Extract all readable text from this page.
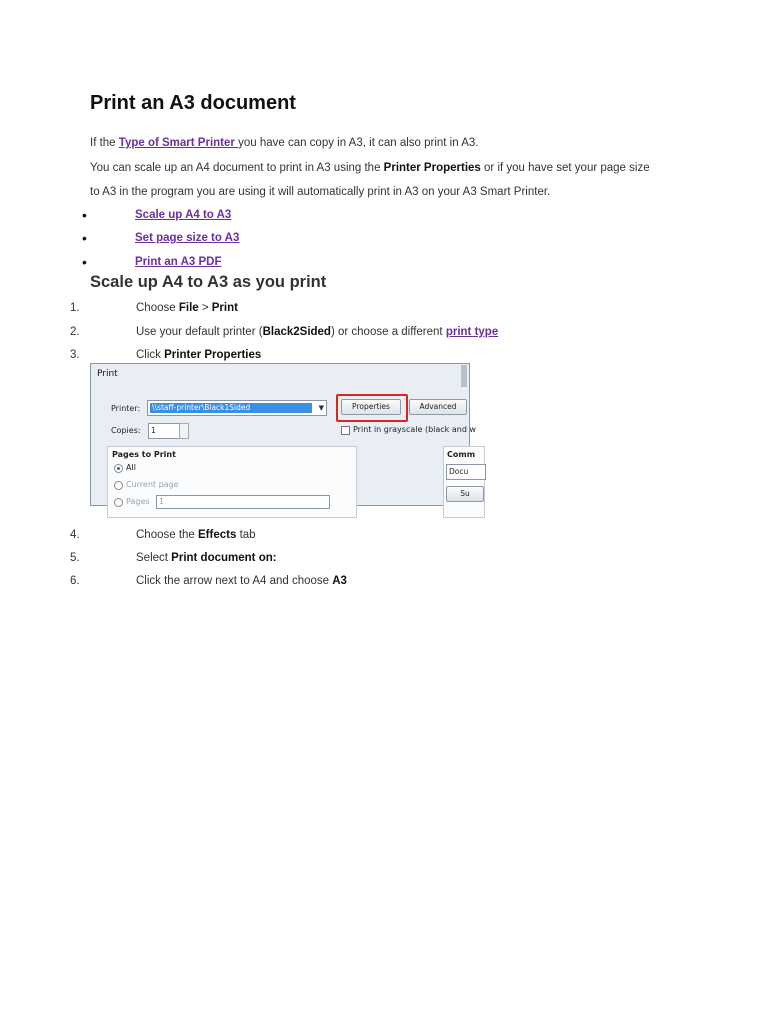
Print an A3 document
If the Type of Smart Printer you have can copy in A3, it can also print in A3.
You can scale up an A4 document to print in A3 using the Printer Properties or if you have set your page size
to A3 in the program you are using it will automatically print in A3 on your A3 Smart Printer.
•	Scale up A4 to A3
•	Set page size to A3
•	Print an A3 PDF
Scale up A4 to A3 as you print
1.	Choose File > Print
2.	Use your default printer (Black2Sided) or choose a different print type
3.	Click Printer Properties
Print
Printer: \\staff-printer\Black1Sided	▼	Properties	Advanced
Copies:	1	Print in grayscale (black and w
Pages to Print
All
Current page
Pages	1
Comm
Docu
Su
4.	Choose the Effects tab
5.	Select Print document on:
6.	Click the arrow next to A4 and choose A3
